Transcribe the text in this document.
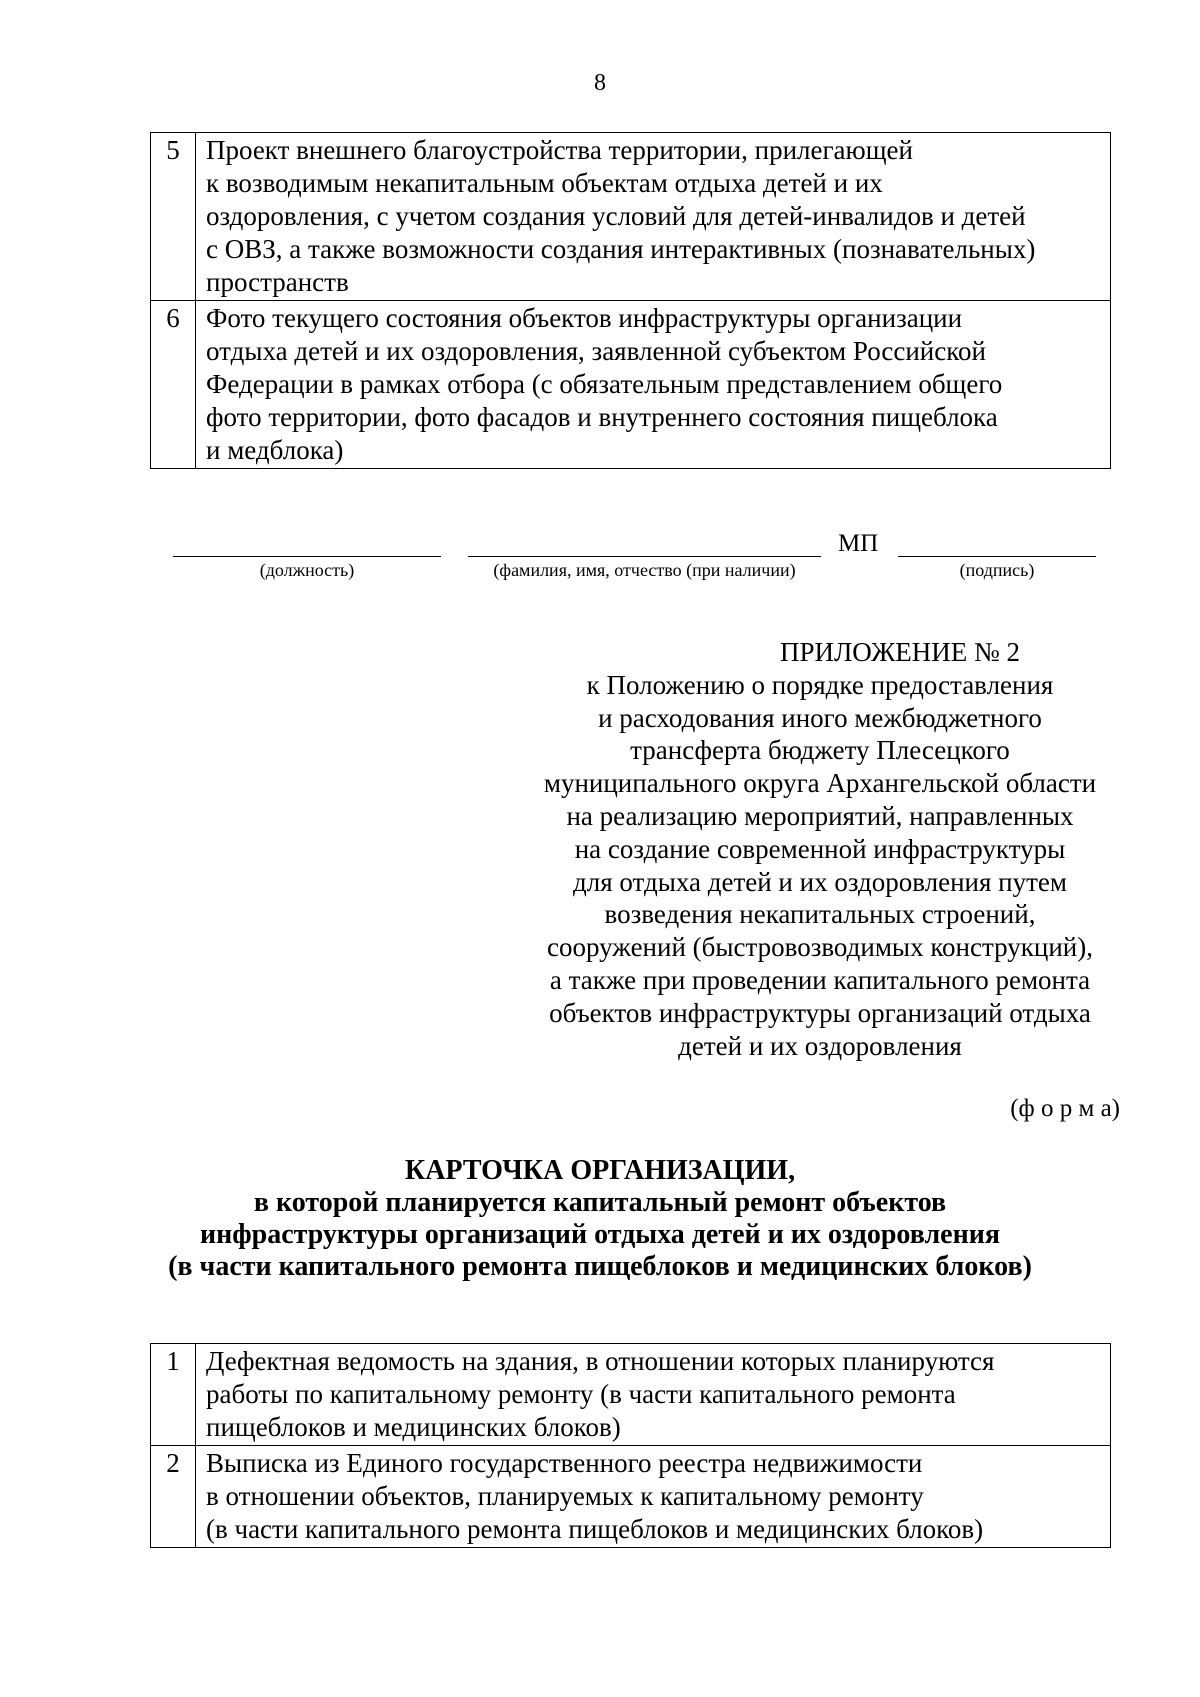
8
5	Проект внешнего благоустройства территории, прилегающей
к возводимым некапитальным объектам отдыха детей и их
оздоровления, с учетом создания условий для детей-инвалидов и детей
с ОВЗ, а также возможности создания интерактивных (познавательных)
пространств

6	Фото текущего состояния объектов инфраструктуры организации
отдыха детей и их оздоровления, заявленной субъектом Российской
Федерации в рамках отбора (с обязательным представлением общего
фото территории, фото фасадов и внутреннего состояния пищеблока
и медблока)
МП
(должность)	(фамилия, имя, отчество (при наличии)	(подпись)
ПРИЛОЖЕНИЕ № 2
к Положению о порядке предоставления
и расходования иного межбюджетного
трансферта бюджету Плесецкого
муниципального округа Архангельской области
на реализацию мероприятий, направленных
на создание современной инфраструктуры
для отдыха детей и их оздоровления путем
возведения некапитальных строений,
сооружений (быстровозводимых конструкций),
а также при проведении капитального ремонта
объектов инфраструктуры организаций отдыха
детей и их оздоровления
(ф о р м а)
КАРТОЧКА ОРГАНИЗАЦИИ,
в которой планируется капитальный ремонт объектов
инфраструктуры организаций отдыха детей и их оздоровления
(в части капитального ремонта пищеблоков и медицинских блоков)
1	Дефектная ведомость на здания, в отношении которых планируются
работы по капитальному ремонту (в части капитального ремонта
пищеблоков и медицинских блоков)

2	Выписка из Единого государственного реестра недвижимости
в отношении объектов, планируемых к капитальному ремонту
(в части капитального ремонта пищеблоков и медицинских блоков)
